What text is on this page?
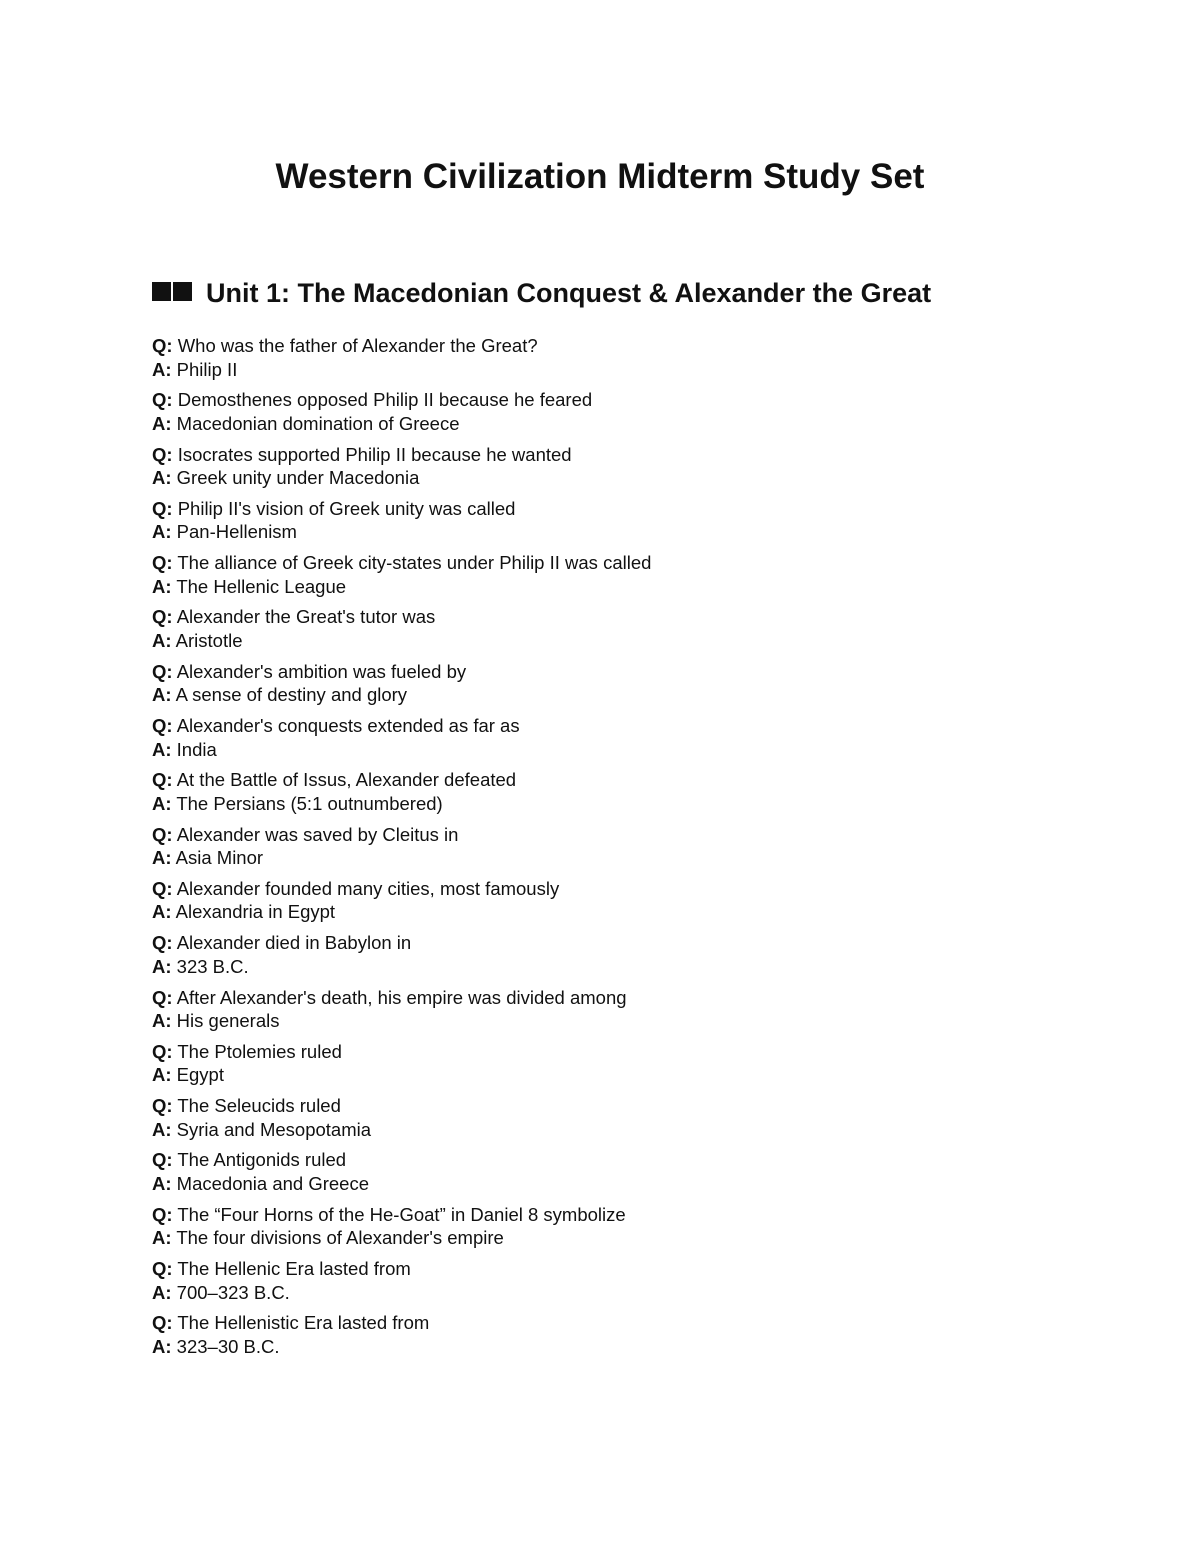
Western Civilization Midterm Study Set
Unit 1: The Macedonian Conquest & Alexander the Great

Q: Who was the father of Alexander the Great?

A: Philip II

Q: Demosthenes opposed Philip II because he feared

A: Macedonian domination of Greece

Q: Isocrates supported Philip II because he wanted

A: Greek unity under Macedonia

Q: Philip II's vision of Greek unity was called

A: Pan-Hellenism

Q: The alliance of Greek city-states under Philip II was called

A: The Hellenic League

Q: Alexander the Great's tutor was

A: Aristotle

Q: Alexander's ambition was fueled by

A: A sense of destiny and glory

Q: Alexander's conquests extended as far as

A: India

Q: At the Battle of Issus, Alexander defeated

A: The Persians (5:1 outnumbered)

Q: Alexander was saved by Cleitus in

A: Asia Minor

Q: Alexander founded many cities, most famously

A: Alexandria in Egypt

Q: Alexander died in Babylon in

A: 323 B.C.

Q: After Alexander's death, his empire was divided among

A: His generals

Q: The Ptolemies ruled

A: Egypt

Q: The Seleucids ruled

A: Syria and Mesopotamia

Q: The Antigonids ruled

A: Macedonia and Greece

Q: The “Four Horns of the He-Goat” in Daniel 8 symbolize

A: The four divisions of Alexander's empire

Q: The Hellenic Era lasted from

A: 700–323 B.C.

Q: The Hellenistic Era lasted from

A: 323–30 B.C.
